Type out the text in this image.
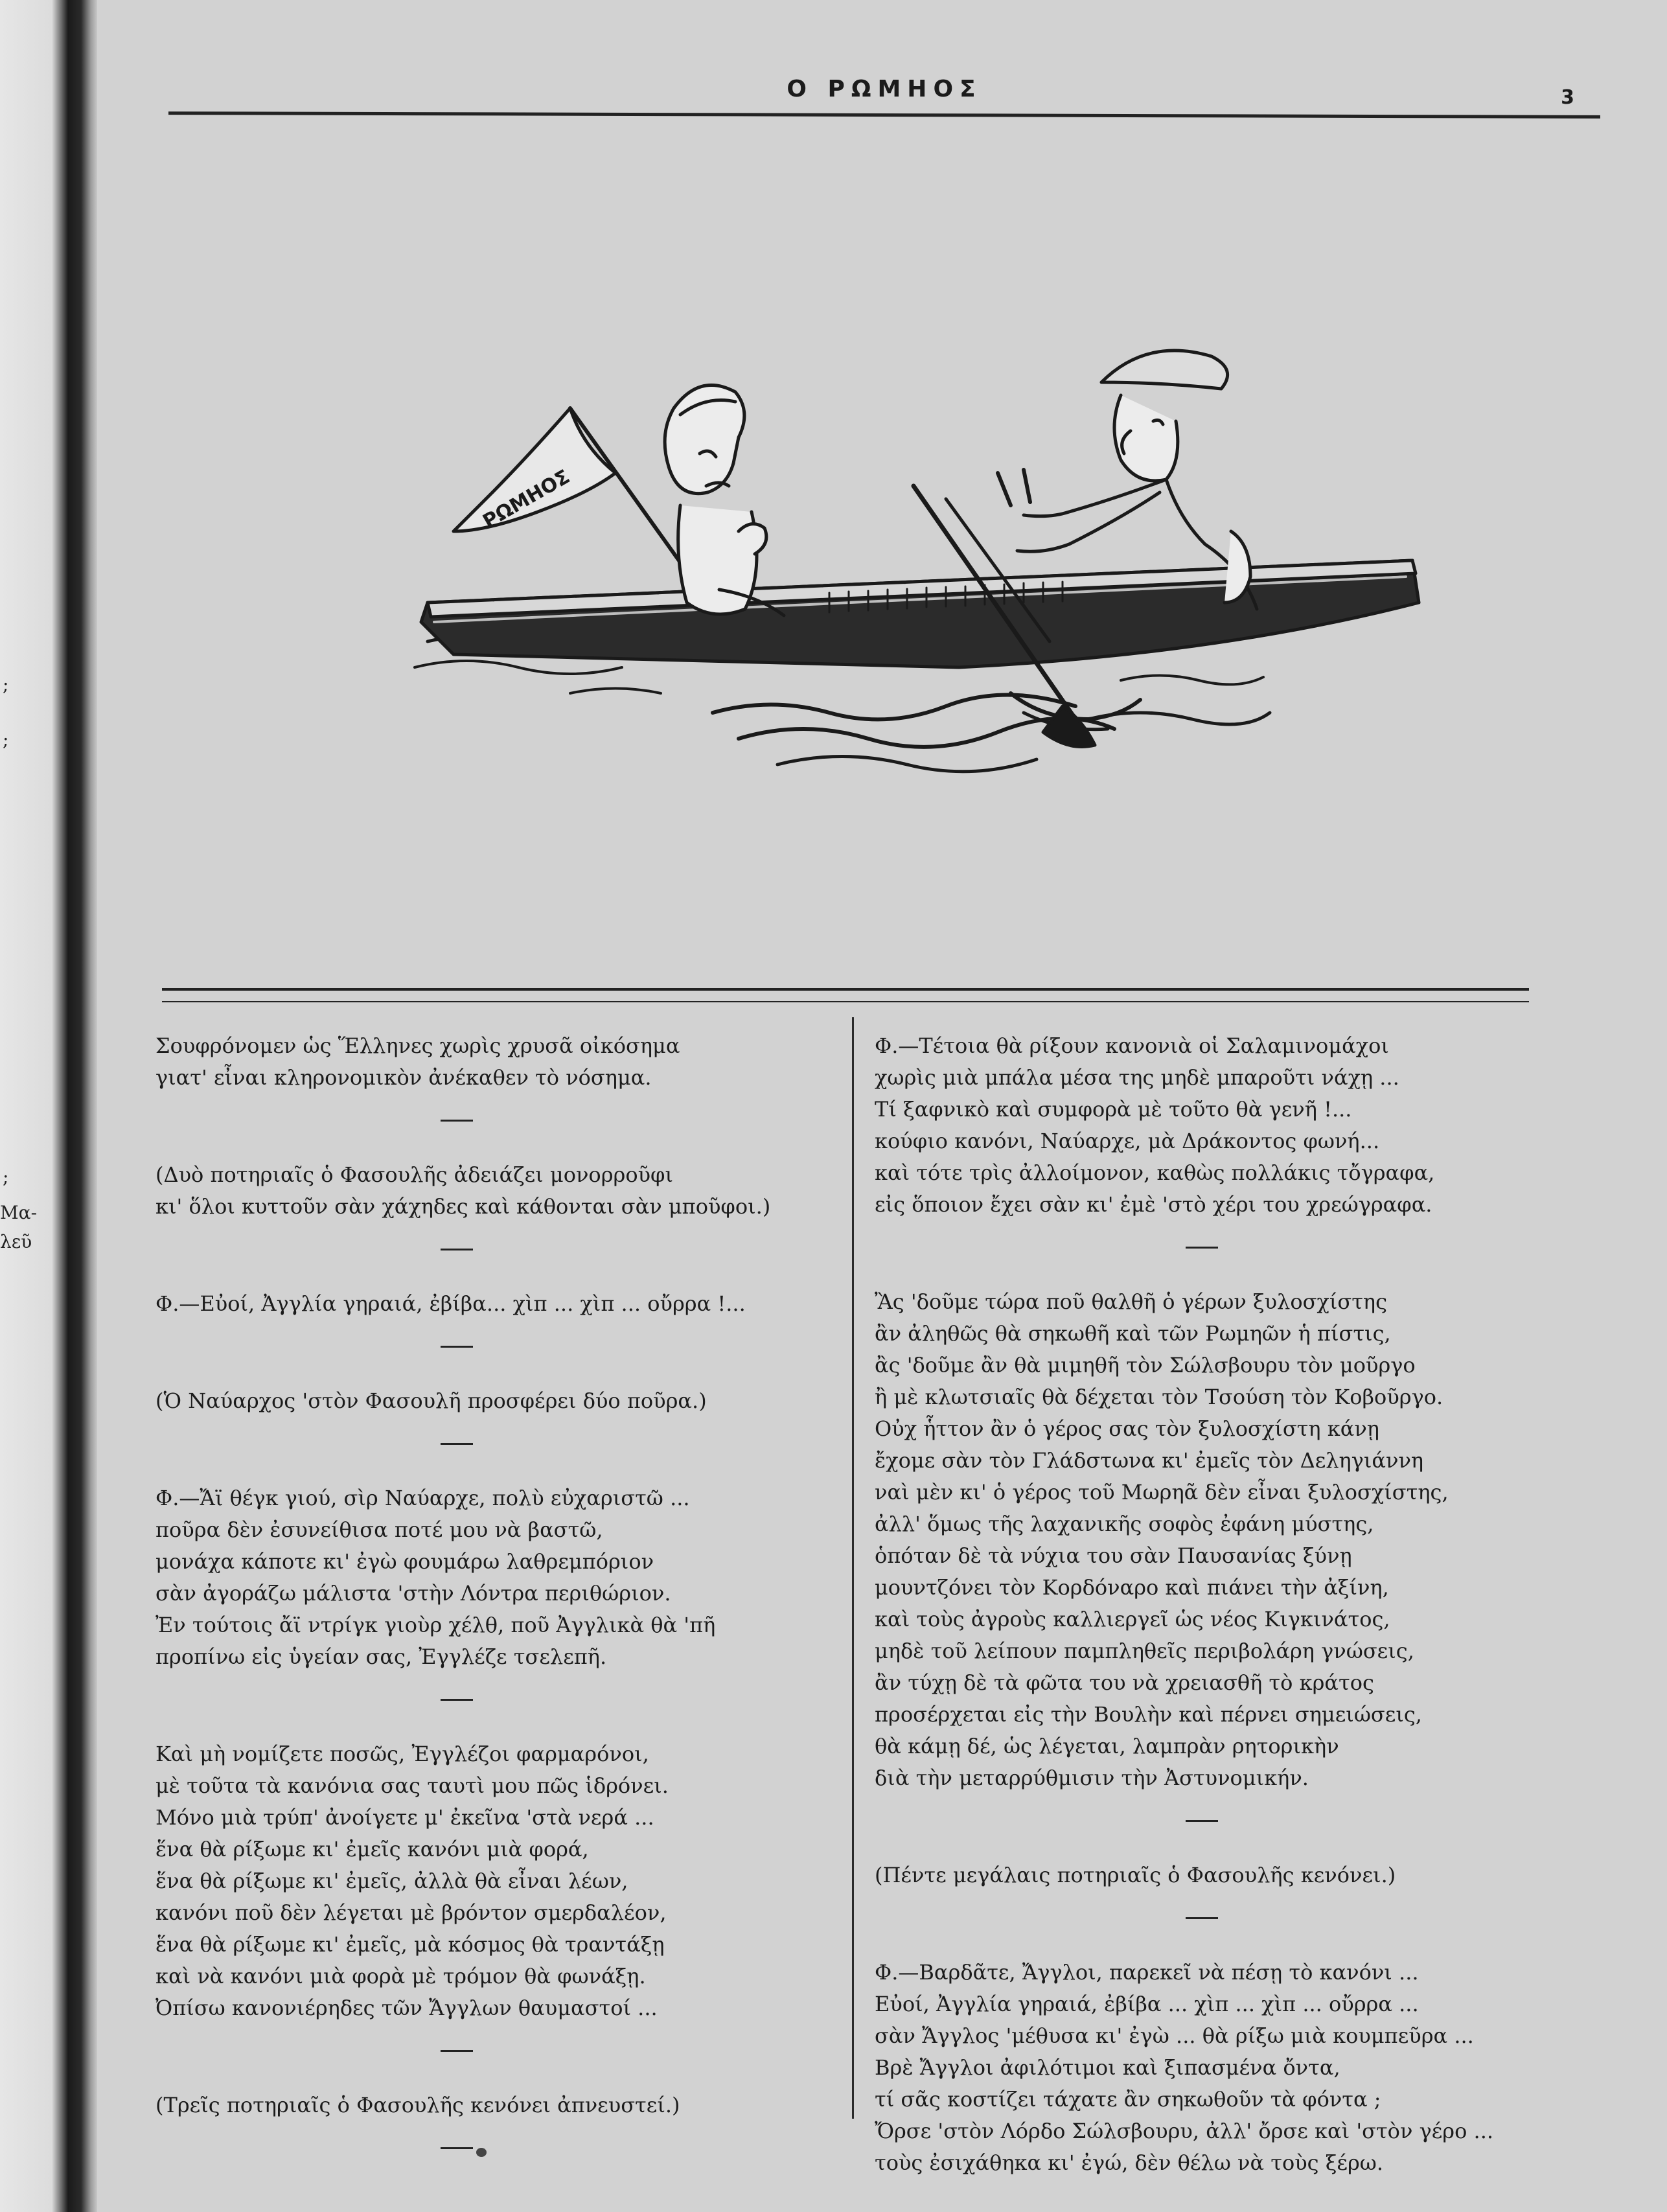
;
;
;
Μα-
λεῦ
Ο ΡΩΜΗΟΣ	3
ΡΩΜΗΟΣ
Σουφρόνομεν ὡς Ἕλληνες χωρὶς χρυσᾶ οἰκόσημα
γιατ' εἶναι κληρονομικὸν ἀνέκαθεν τὸ νόσημα.
(Δυὸ ποτηριαῖς ὁ Φασουλῆς ἀδειάζει μονορροῦφι
κι' ὅλοι κυττοῦν σὰν χάχηδες καὶ κάθονται σὰν μποῦφοι.)
Φ.—Εὐοί, Ἀγγλία γηραιά, ἐβίβα... χὶπ ... χὶπ ... οὔρρα !...
(Ὁ Ναύαρχος 'στὸν Φασουλῆ προσφέρει δύο ποῦρα.)
Φ.—Ἄϊ θέγκ γιού, σὶρ Ναύαρχε, πολὺ εὐχαριστῶ ...
ποῦρα δὲν ἐσυνείθισα ποτέ μου νὰ βαστῶ,
μονάχα κάποτε κι' ἐγὼ φουμάρω λαθρεμπόριον
σὰν ἀγοράζω μάλιστα 'στὴν Λόντρα περιθώριον.
Ἐν τούτοις ἄϊ ντρίγκ γιοὺρ χέλθ, ποῦ Ἀγγλικὰ θὰ 'πῆ
προπίνω εἰς ὑγείαν σας, Ἐγγλέζε τσελεπῆ.
Καὶ μὴ νομίζετε ποσῶς, Ἐγγλέζοι φαρμαρόνοι,
μὲ τοῦτα τὰ κανόνια σας ταυτὶ μου πῶς ἱδρόνει.
Μόνο μιὰ τρύπ' ἀνοίγετε μ' ἐκεῖνα 'στὰ νερά ...
ἕνα θὰ ρίξωμε κι' ἐμεῖς κανόνι μιὰ φορά,
ἕνα θὰ ρίξωμε κι' ἐμεῖς, ἀλλὰ θὰ εἶναι λέων,
κανόνι ποῦ δὲν λέγεται μὲ βρόντον σμερδαλέον,
ἕνα θὰ ρίξωμε κι' ἐμεῖς, μὰ κόσμος θὰ τραντάξῃ
καὶ νὰ κανόνι μιὰ φορὰ μὲ τρόμον θὰ φωνάξῃ.
Ὀπίσω κανονιέρηδες τῶν Ἄγγλων θαυμαστοί ...
(Τρεῖς ποτηριαῖς ὁ Φασουλῆς κενόνει ἀπνευστεί.)
Φ.—Τέτοια θὰ ρίξουν κανονιὰ οἱ Σαλαμινομάχοι
χωρὶς μιὰ μπάλα μέσα της μηδὲ μπαροῦτι νάχῃ ...
Τί ξαφνικὸ καὶ συμφορὰ μὲ τοῦτο θὰ γενῆ !...
κούφιο κανόνι, Ναύαρχε, μὰ Δράκοντος φωνή...
καὶ τότε τρὶς ἀλλοίμονον, καθὼς πολλάκις τὄγραφα,
εἰς ὅποιον ἔχει σὰν κι' ἐμὲ 'στὸ χέρι του χρεώγραφα.
Ἂς 'δοῦμε τώρα ποῦ θαλθῆ ὁ γέρων ξυλοσχίστης
ἂν ἀληθῶς θὰ σηκωθῆ καὶ τῶν Ρωμηῶν ἡ πίστις,
ἂς 'δοῦμε ἂν θὰ μιμηθῆ τὸν Σώλσβουρυ τὸν μοῦργο
ἢ μὲ κλωτσιαῖς θὰ δέχεται τὸν Τσούση τὸν Κοβοῦργο.
Οὐχ ἧττον ἂν ὁ γέρος σας τὸν ξυλοσχίστη κάνῃ
ἔχομε σὰν τὸν Γλάδστωνα κι' ἐμεῖς τὸν Δεληγιάννη
ναὶ μὲν κι' ὁ γέρος τοῦ Μωρηᾶ δὲν εἶναι ξυλοσχίστης,
ἀλλ' ὅμως τῆς λαχανικῆς σοφὸς ἐφάνη μύστης,
ὁπόταν δὲ τὰ νύχια του σὰν Παυσανίας ξύνῃ
μουντζόνει τὸν Κορδόναρο καὶ πιάνει τὴν ἀξίνη,
καὶ τοὺς ἀγροὺς καλλιεργεῖ ὡς νέος Κιγκινάτος,
μηδὲ τοῦ λείπουν παμπληθεῖς περιβολάρη γνώσεις,
ἂν τύχῃ δὲ τὰ φῶτα του νὰ χρειασθῆ τὸ κράτος
προσέρχεται εἰς τὴν Βουλὴν καὶ πέρνει σημειώσεις,
θὰ κάμῃ δέ, ὡς λέγεται, λαμπρὰν ρητορικὴν
διὰ τὴν μεταρρύθμισιν τὴν Ἀστυνομικήν.
(Πέντε μεγάλαις ποτηριαῖς ὁ Φασουλῆς κενόνει.)
Φ.—Βαρδᾶτε, Ἄγγλοι, παρεκεῖ νὰ πέσῃ τὸ κανόνι ...
Εὐοί, Ἀγγλία γηραιά, ἐβίβα ... χὶπ ... χὶπ ... οὔρρα ...
σὰν Ἄγγλος 'μέθυσα κι' ἐγὼ ... θὰ ρίξω μιὰ κουμπεῦρα ...
Βρὲ Ἄγγλοι ἀφιλότιμοι καὶ ξιπασμένα ὄντα,
τί σᾶς κοστίζει τάχατε ἂν σηκωθοῦν τὰ φόντα ;
Ὄρσε 'στὸν Λόρδο Σώλσβουρυ, ἀλλ' ὄρσε καὶ 'στὸν γέρο ...
τοὺς ἐσιχάθηκα κι' ἐγώ, δὲν θέλω νὰ τοὺς ξέρω.
